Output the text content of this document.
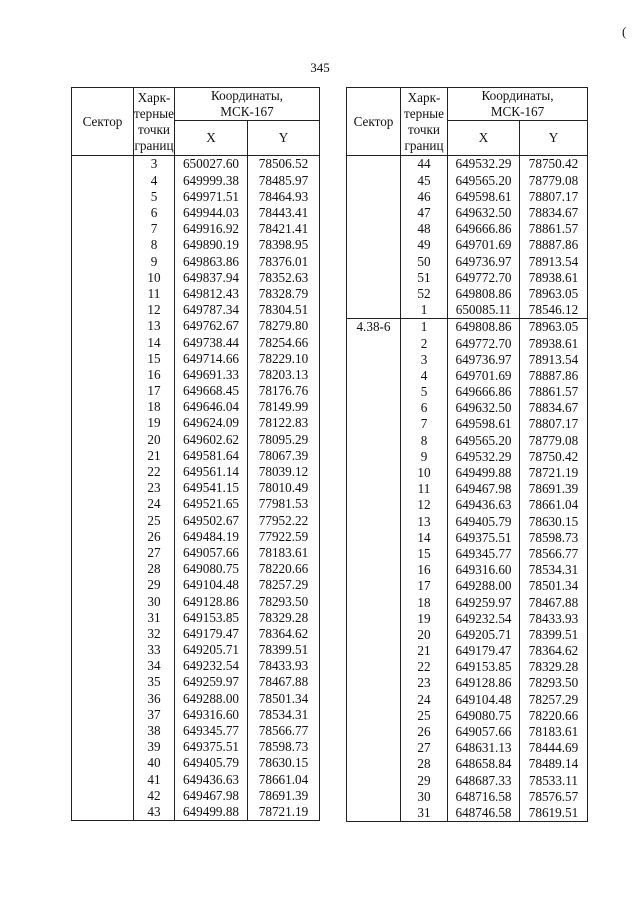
(
345
Сектор	Харк-
терные
точки
границ	Координаты,
МСК-167	
		X	Y
	3	650027.60	78506.52
	4	649999.38	78485.97
	5	649971.51	78464.93
	6	649944.03	78443.41
	7	649916.92	78421.41
	8	649890.19	78398.95
	9	649863.86	78376.01
	10	649837.94	78352.63
	11	649812.43	78328.79
	12	649787.34	78304.51
	13	649762.67	78279.80
	14	649738.44	78254.66
	15	649714.66	78229.10
	16	649691.33	78203.13
	17	649668.45	78176.76
	18	649646.04	78149.99
	19	649624.09	78122.83
	20	649602.62	78095.29
	21	649581.64	78067.39
	22	649561.14	78039.12
	23	649541.15	78010.49
	24	649521.65	77981.53
	25	649502.67	77952.22
	26	649484.19	77922.59
	27	649057.66	78183.61
	28	649080.75	78220.66
	29	649104.48	78257.29
	30	649128.86	78293.50
	31	649153.85	78329.28
	32	649179.47	78364.62
	33	649205.71	78399.51
	34	649232.54	78433.93
	35	649259.97	78467.88
	36	649288.00	78501.34
	37	649316.60	78534.31
	38	649345.77	78566.77
	39	649375.51	78598.73
	40	649405.79	78630.15
	41	649436.63	78661.04
	42	649467.98	78691.39
	43	649499.88	78721.19
Сектор	Харк-
терные
точки
границ	Координаты,
МСК-167	
		X	Y
	44	649532.29	78750.42
	45	649565.20	78779.08
	46	649598.61	78807.17
	47	649632.50	78834.67
	48	649666.86	78861.57
	49	649701.69	78887.86
	50	649736.97	78913.54
	51	649772.70	78938.61
	52	649808.86	78963.05
	1	650085.11	78546.12
4.38-6	1	649808.86	78963.05
	2	649772.70	78938.61
	3	649736.97	78913.54
	4	649701.69	78887.86
	5	649666.86	78861.57
	6	649632.50	78834.67
	7	649598.61	78807.17
	8	649565.20	78779.08
	9	649532.29	78750.42
	10	649499.88	78721.19
	11	649467.98	78691.39
	12	649436.63	78661.04
	13	649405.79	78630.15
	14	649375.51	78598.73
	15	649345.77	78566.77
	16	649316.60	78534.31
	17	649288.00	78501.34
	18	649259.97	78467.88
	19	649232.54	78433.93
	20	649205.71	78399.51
	21	649179.47	78364.62
	22	649153.85	78329.28
	23	649128.86	78293.50
	24	649104.48	78257.29
	25	649080.75	78220.66
	26	649057.66	78183.61
	27	648631.13	78444.69
	28	648658.84	78489.14
	29	648687.33	78533.11
	30	648716.58	78576.57
	31	648746.58	78619.51
